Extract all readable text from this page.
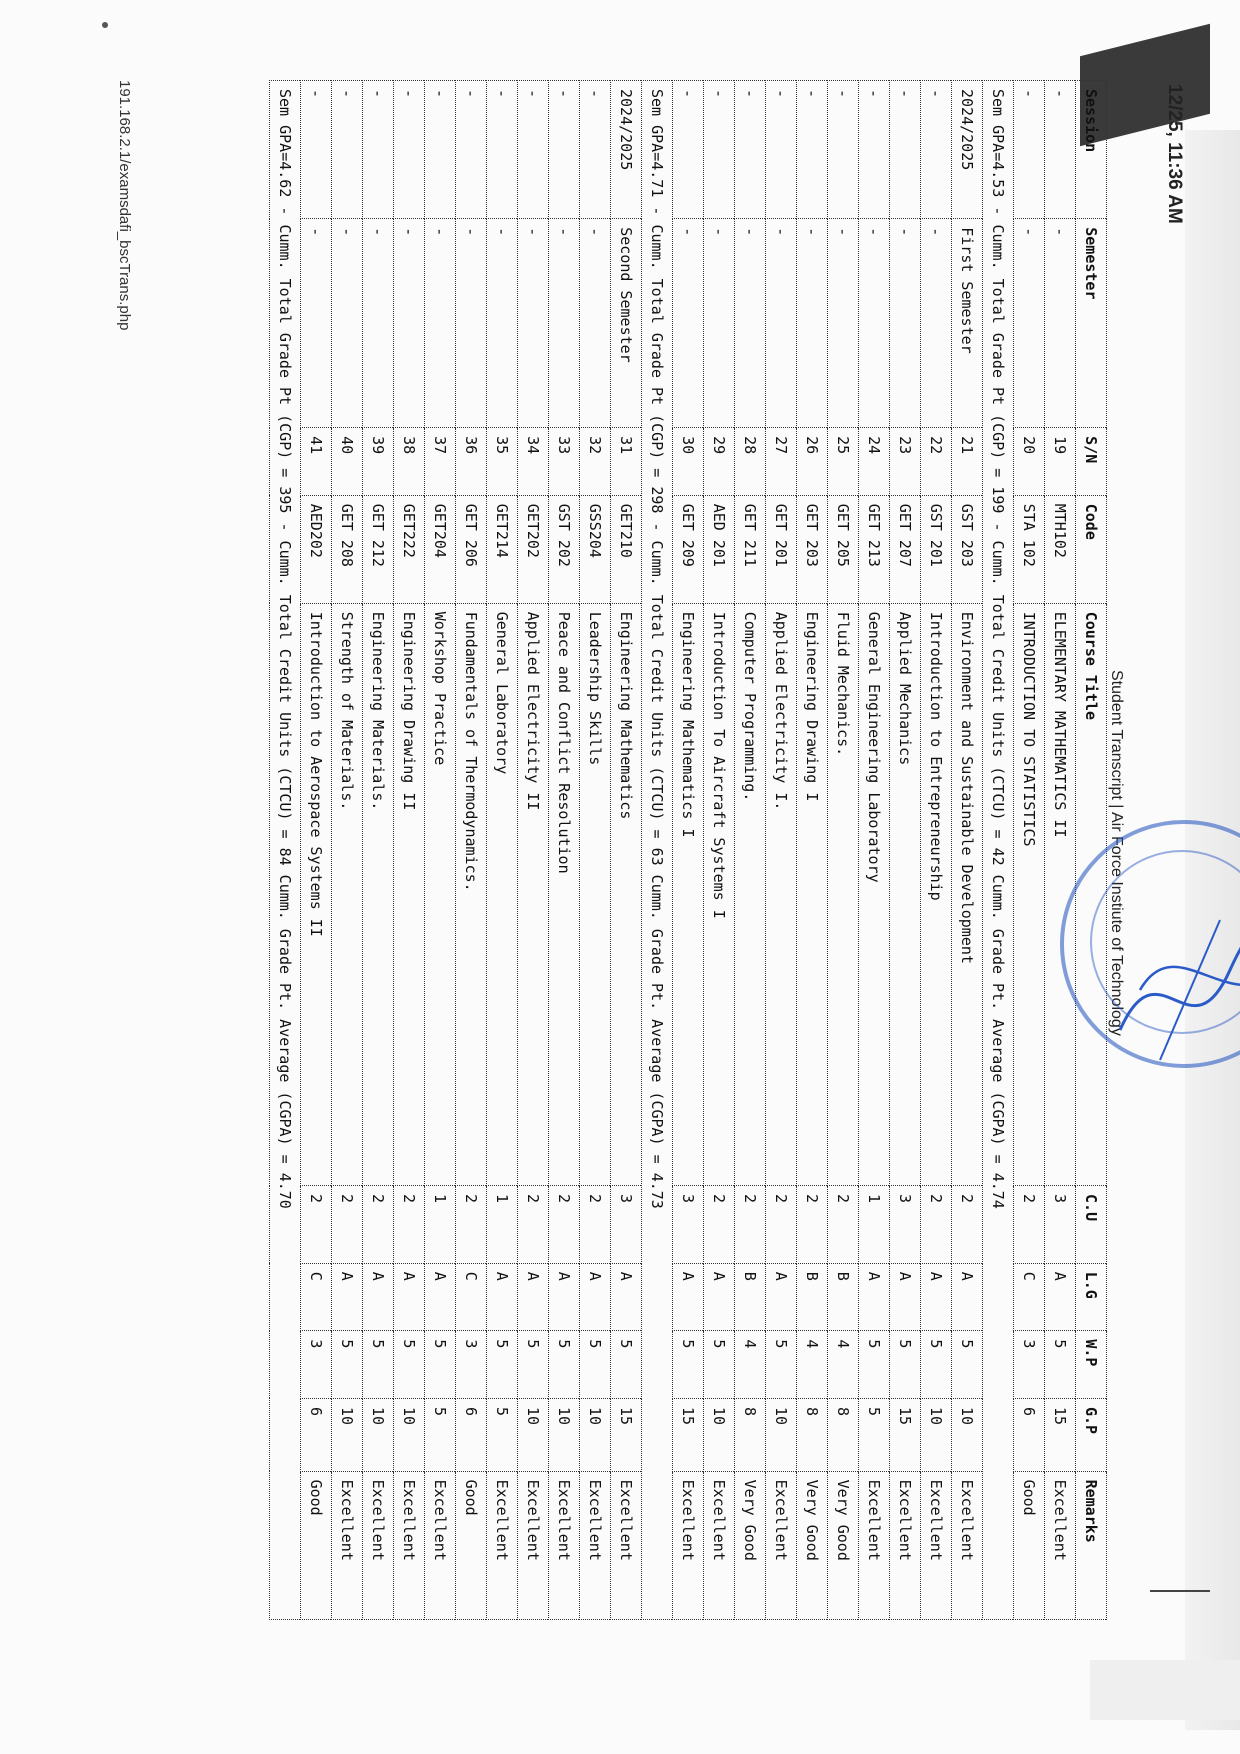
12/25, 11:36 AM
Student Transcript | Air Force Instiute of Technology
Session	Semester	S/N	Code	Course Title	C.U	L.G	W.P	G.P	Remarks
-	-	19	MTH102	ELEMENTARY MATHEMATICS II	3	A	5	15	Excellent
-	-	20	STA 102	INTRODUCTION TO STATISTICS	2	C	3	6	Good
Sem GPA=4.53 - Cumm. Total Grade Pt (CGP) = 199 - Cumm. Total Credit Units (CTCU) = 42 Cumm. Grade Pt. Average (CGPA) = 4.74									
2024/2025	First Semester	21	GST 203	Environment and Sustainable Development	2	A	5	10	Excellent
-	-	22	GST 201	Introduction to Entrepreneurship	2	A	5	10	Excellent
-	-	23	GET 207	Applied Mechanics	3	A	5	15	Excellent
-	-	24	GET 213	General Engineering Laboratory	1	A	5	5	Excellent
-	-	25	GET 205	Fluid Mechanics.	2	B	4	8	Very Good
-	-	26	GET 203	Engineering Drawing I	2	B	4	8	Very Good
-	-	27	GET 201	Applied Electricity I.	2	A	5	10	Excellent
-	-	28	GET 211	Computer Programming.	2	B	4	8	Very Good
-	-	29	AED 201	Introduction To Aircraft Systems I	2	A	5	10	Excellent
-	-	30	GET 209	Engineering Mathematics I	3	A	5	15	Excellent
Sem GPA=4.71 - Cumm. Total Grade Pt (CGP) = 298 - Cumm. Total Credit Units (CTCU) = 63 Cumm. Grade Pt. Average (CGPA) = 4.73									
2024/2025	Second Semester	31	GET210	Engineering Mathematics	3	A	5	15	Excellent
-	-	32	GSS204	Leadership Skills	2	A	5	10	Excellent
-	-	33	GST 202	Peace and Conflict Resolution	2	A	5	10	Excellent
-	-	34	GET202	Applied Electricity II	2	A	5	10	Excellent
-	-	35	GET214	General Laboratory	1	A	5	5	Excellent
-	-	36	GET 206	Fundamentals of Thermodynamics.	2	C	3	6	Good
-	-	37	GET204	Workshop Practice	1	A	5	5	Excellent
-	-	38	GET222	Engineering Drawing II	2	A	5	10	Excellent
-	-	39	GET 212	Engineering Materials.	2	A	5	10	Excellent
-	-	40	GET 208	Strength of Materials.	2	A	5	10	Excellent
-	-	41	AED202	Introduction to Aerospace Systems II	2	C	3	6	Good
Sem GPA=4.62 - Cumm. Total Grade Pt (CGP) = 395 - Cumm. Total Credit Units (CTCU) = 84 Cumm. Grade Pt. Average (CGPA) = 4.70									
191.168.2.1/examsdafi_bscTrans.php
